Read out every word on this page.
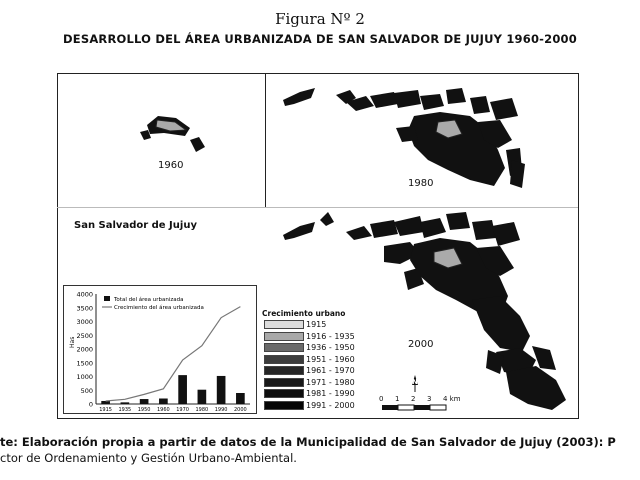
Figura Nº 2
DESARROLLO DEL ÁREA URBANIZADA DE SAN SALVADOR DE JUJUY 1960-2000
1960
1980
2000
San Salvador de Jujuy
N
0 1 2 3 4 km
Crecimiento urbano
1915
1916 - 1935
1936 - 1950
1951 - 1960
1961 - 1970
1971 - 1980
1981 - 1990
1991 - 2000
0
500
1000
1500
2000
2500
3000
3500
4000
Has
1915 1935 1950 1960 1970 1980 1990 2000
Total del área urbanizada
Crecimiento del área urbanizada
te: Elaboración propia a partir de datos de la Municipalidad de San Salvador de Jujuy (2003): P
ctor de Ordenamiento y Gestión Urbano-Ambiental.
